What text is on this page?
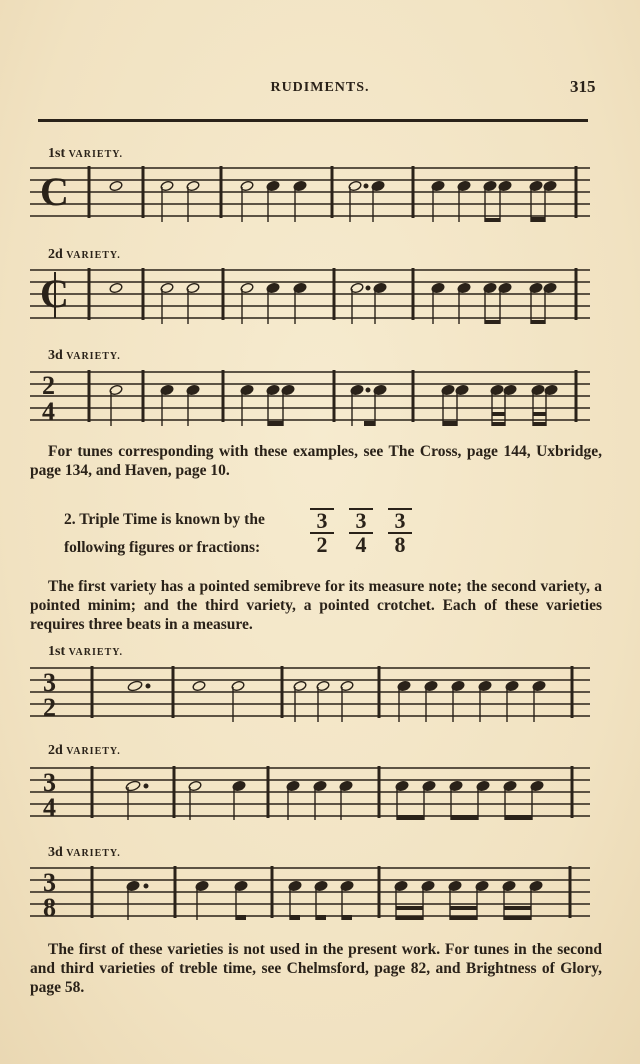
RUDIMENTS.	315
1st VARIETY.
2d VARIETY.
3d VARIETY.
C
C
2
4
3
2
3
4
3
8
For tunes corresponding with these examples, see The Cross, page 144, Uxbridge, page 134, and Haven, page 10.
2. Triple Time is known by the
following figures or fractions:
3
2
3
4
3
8
The first variety has a pointed semibreve for its measure note; the second variety, a pointed minim; and the third variety, a pointed crotchet. Each of these varieties requires three beats in a measure.
1st VARIETY.
2d VARIETY.
3d VARIETY.
The first of these varieties is not used in the present work. For tunes in the second and third varieties of treble time, see Chelmsford, page 82, and Brightness of Glory, page 58.
